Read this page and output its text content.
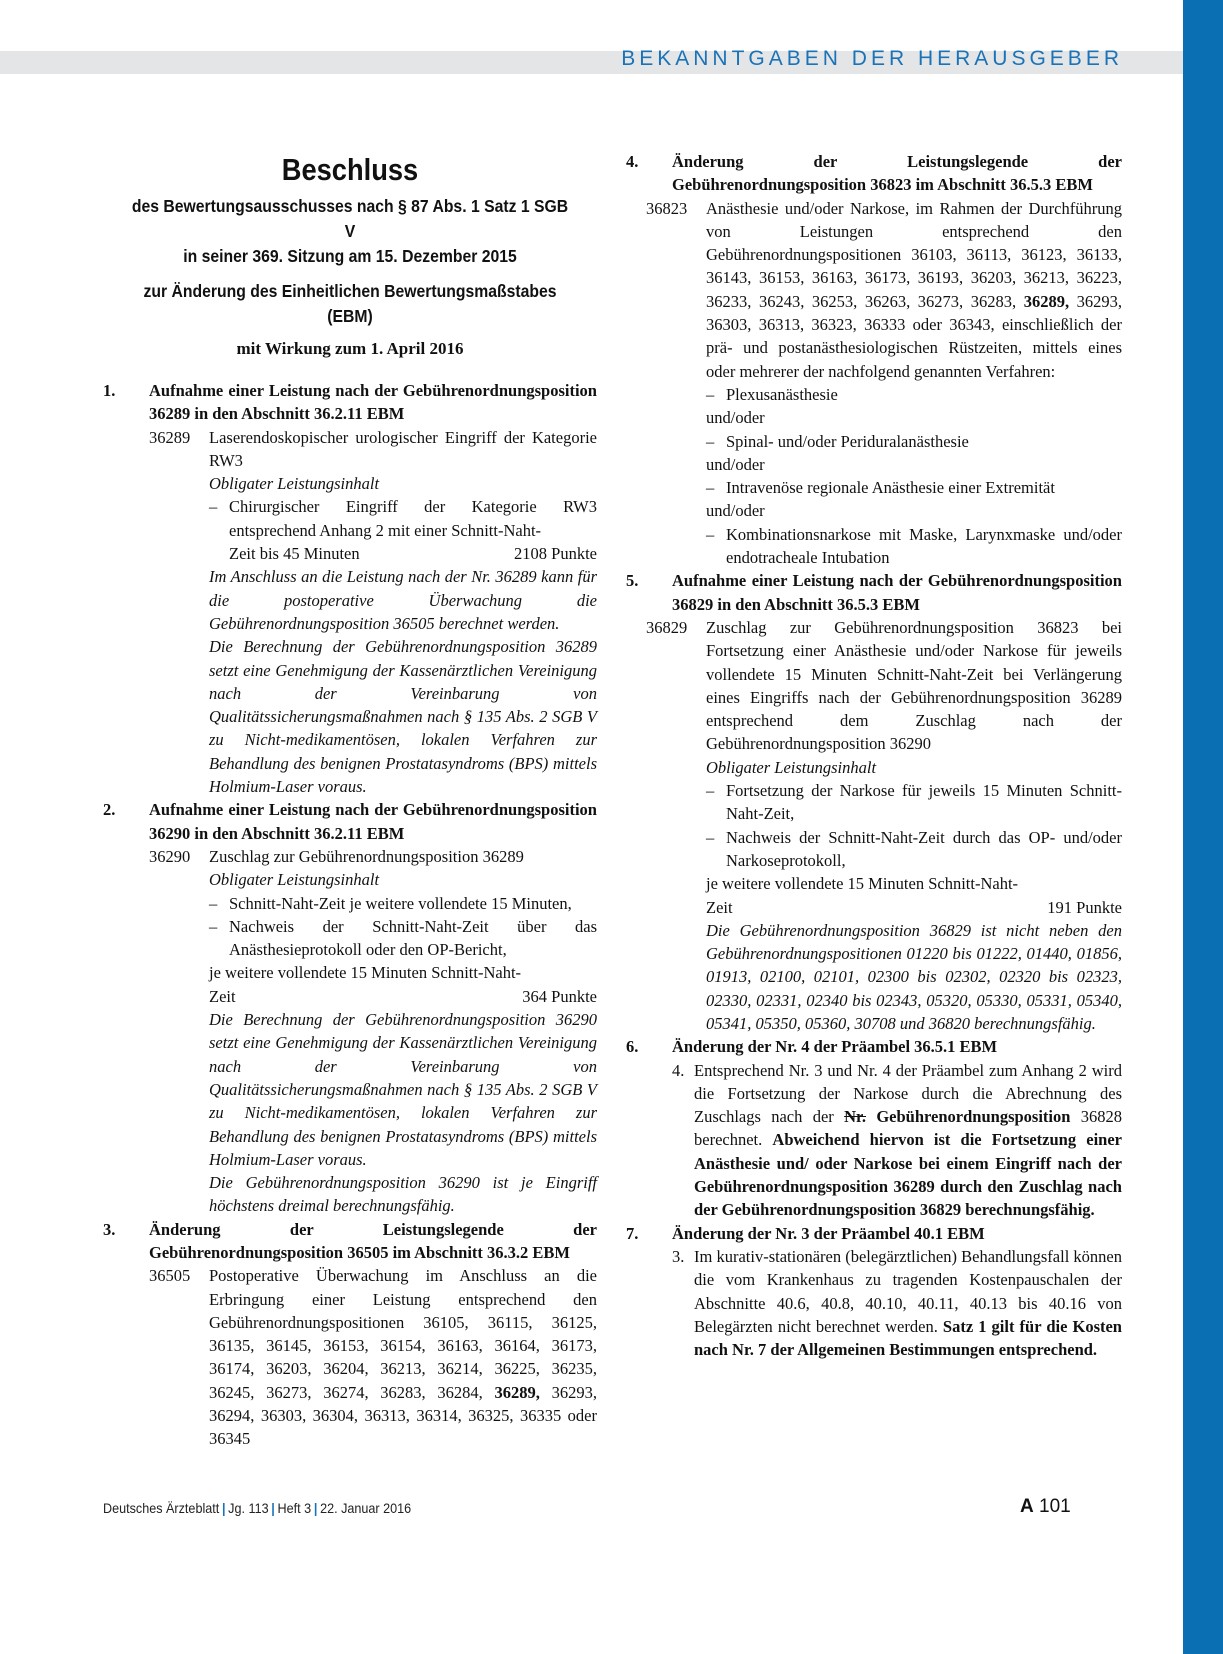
BEKANNTGABEN DER HERAUSGEBER
Beschluss
des Bewertungsausschusses nach § 87 Abs. 1 Satz 1 SGB V
in seiner 369. Sitzung am 15. Dezember 2015
zur Änderung des Einheitlichen Bewertungsmaßstabes (EBM)
mit Wirkung zum 1. April 2016
1. Aufnahme einer Leistung nach der Gebührenordnungsposition 36289 in den Abschnitt 36.2.11 EBM
36289 Laserendoskopischer urologischer Eingriff der Kategorie RW3
Obligater Leistungsinhalt
– Chirurgischer Eingriff der Kategorie RW3 entsprechend Anhang 2 mit einer Schnitt-Naht-
Zeit bis 45 Minuten	2108 Punkte
Im Anschluss an die Leistung nach der Nr. 36289 kann für die postoperative Überwachung die Gebührenordnungsposition 36505 berechnet werden.
Die Berechnung der Gebührenordnungsposition 36289 setzt eine Genehmigung der Kassenärztlichen Vereinigung nach der Vereinbarung von Qualitätssicherungsmaßnahmen nach § 135 Abs. 2 SGB V zu Nicht-medikamentösen, lokalen Verfahren zur Behandlung des benignen Prostatasyndroms (BPS) mittels Holmium-Laser voraus.
2. Aufnahme einer Leistung nach der Gebührenordnungsposition 36290 in den Abschnitt 36.2.11 EBM
36290 Zuschlag zur Gebührenordnungsposition 36289
Obligater Leistungsinhalt
– Schnitt-Naht-Zeit je weitere vollendete 15 Minuten,
– Nachweis der Schnitt-Naht-Zeit über das Anästhesieprotokoll oder den OP-Bericht,
je weitere vollendete 15 Minuten Schnitt-Naht-
Zeit	364 Punkte
Die Berechnung der Gebührenordnungsposition 36290 setzt eine Genehmigung der Kassenärztlichen Vereinigung nach der Vereinbarung von Qualitätssicherungsmaßnahmen nach § 135 Abs. 2 SGB V zu Nicht-medikamentösen, lokalen Verfahren zur Behandlung des benignen Prostatasyndroms (BPS) mittels Holmium-Laser voraus.
Die Gebührenordnungsposition 36290 ist je Eingriff höchstens dreimal berechnungsfähig.
3. Änderung der Leistungslegende der Gebührenordnungsposition 36505 im Abschnitt 36.3.2 EBM
36505 Postoperative Überwachung im Anschluss an die Erbringung einer Leistung entsprechend den Gebührenordnungspositionen 36105, 36115, 36125, 36135, 36145, 36153, 36154, 36163, 36164, 36173, 36174, 36203, 36204, 36213, 36214, 36225, 36235, 36245, 36273, 36274, 36283, 36284, 36289, 36293, 36294, 36303, 36304, 36313, 36314, 36325, 36335 oder 36345
4. Änderung der Leistungslegende der Gebührenordnungsposition 36823 im Abschnitt 36.5.3 EBM
36823 Anästhesie und/oder Narkose, im Rahmen der Durchführung von Leistungen entsprechend den Gebührenordnungspositionen 36103, 36113, 36123, 36133, 36143, 36153, 36163, 36173, 36193, 36203, 36213, 36223, 36233, 36243, 36253, 36263, 36273, 36283, 36289, 36293, 36303, 36313, 36323, 36333 oder 36343, einschließlich der prä- und postanästhesiologischen Rüstzeiten, mittels eines oder mehrerer der nachfolgend genannten Verfahren:
– Plexusanästhesie
und/oder
– Spinal- und/oder Periduralanästhesie
und/oder
– Intravenöse regionale Anästhesie einer Extremität
und/oder
– Kombinationsnarkose mit Maske, Larynxmaske und/oder endotracheale Intubation
5. Aufnahme einer Leistung nach der Gebührenordnungsposition 36829 in den Abschnitt 36.5.3 EBM
36829 Zuschlag zur Gebührenordnungsposition 36823 bei Fortsetzung einer Anästhesie und/oder Narkose für jeweils vollendete 15 Minuten Schnitt-Naht-Zeit bei Verlängerung eines Eingriffs nach der Gebührenordnungsposition 36289 entsprechend dem Zuschlag nach der Gebührenordnungsposition 36290
Obligater Leistungsinhalt
– Fortsetzung der Narkose für jeweils 15 Minuten Schnitt-Naht-Zeit,
– Nachweis der Schnitt-Naht-Zeit durch das OP- und/oder Narkoseprotokoll,
je weitere vollendete 15 Minuten Schnitt-Naht-
Zeit	191 Punkte
Die Gebührenordnungsposition 36829 ist nicht neben den Gebührenordnungspositionen 01220 bis 01222, 01440, 01856, 01913, 02100, 02101, 02300 bis 02302, 02320 bis 02323, 02330, 02331, 02340 bis 02343, 05320, 05330, 05331, 05340, 05341, 05350, 05360, 30708 und 36820 berechnungsfähig.
6. Änderung der Nr. 4 der Präambel 36.5.1 EBM
4. Entsprechend Nr. 3 und Nr. 4 der Präambel zum Anhang 2 wird die Fortsetzung der Narkose durch die Abrechnung des Zuschlags nach der Nr. Gebührenordnungsposition 36828 berechnet. Abweichend hiervon ist die Fortsetzung einer Anästhesie und/ oder Narkose bei einem Eingriff nach der Gebührenordnungsposition 36289 durch den Zuschlag nach der Gebührenordnungsposition 36829 berechnungsfähig.
7. Änderung der Nr. 3 der Präambel 40.1 EBM
3. Im kurativ-stationären (belegärztlichen) Behandlungsfall können die vom Krankenhaus zu tragenden Kostenpauschalen der Abschnitte 40.6, 40.8, 40.10, 40.11, 40.13 bis 40.16 von Belegärzten nicht berechnet werden. Satz 1 gilt für die Kosten nach Nr. 7 der Allgemeinen Bestimmungen entsprechend.
Deutsches Ärzteblatt | Jg. 113 | Heft 3 | 22. Januar 2016	A 101
